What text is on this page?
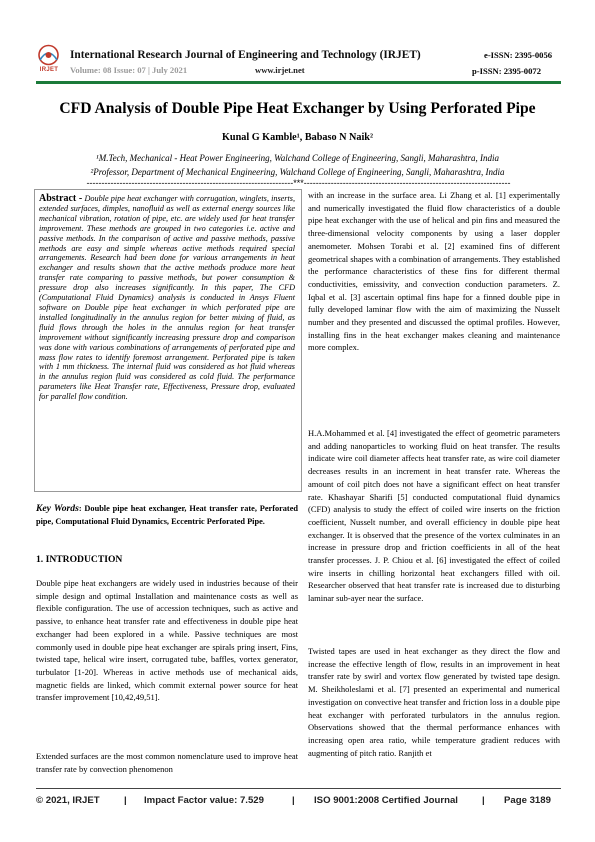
IRJET
International Research Journal of Engineering and Technology (IRJET)
Volume: 08 Issue: 07 | July 2021	www.irjet.net
e-ISSN: 2395-0056
p-ISSN: 2395-0072
CFD Analysis of Double Pipe Heat Exchanger by Using Perforated Pipe
Kunal G Kamble¹, Babaso N Naik²
¹M.Tech, Mechanical - Heat Power Engineering, Walchand College of Engineering, Sangli, Maharashtra, India
²Professor, Department of Mechanical Engineering, Walchand College of Engineering, Sangli, Maharashtra, India
---------------------------------------------------------------------***---------------------------------------------------------------------
Abstract - Double pipe heat exchanger with corrugation, winglets, inserts, extended surfaces, dimples, nanofluid as well as external energy sources like mechanical vibration, rotation of pipe, etc. are widely used for heat transfer improvement. These methods are grouped in two categories i.e. active and passive methods. In the comparison of active and passive methods, passive methods are easy and simple whereas active methods required special arrangements. Research had been done for various arrangements in heat exchanger and results shown that the active methods produce more heat transfer rate comparing to passive methods, but power consumption & pressure drop also increases significantly. In this paper, The CFD (Computational Fluid Dynamics) analysis is conducted in Ansys Fluent software on Double pipe heat exchanger in which perforated pipe are installed longitudinally in the annulus region for better mixing of fluid, as fluid flows through the holes in the annulus region for heat transfer improvement without significantly increasing pressure drop and comparison was done with various combinations of arrangements of perforated pipe and mass flow rates to identify foremost arrangement. Perforated pipe is taken with 1 mm thickness. The internal fluid was considered as hot fluid whereas in the annulus region fluid was considered as cold fluid. The performance parameters like Heat Transfer rate, Effectiveness, Pressure drop, evaluated for parallel flow condition.
Key Words: Double pipe heat exchanger, Heat transfer rate, Perforated pipe, Computational Fluid Dynamics, Eccentric Perforated Pipe.
1. INTRODUCTION
Double pipe heat exchangers are widely used in industries because of their simple design and optimal Installation and maintenance costs as well as flexible configuration. The use of accession techniques, such as active and passive, to enhance heat transfer rate and effectiveness in double pipe heat exchanger had been explored in a while. Passive techniques are most commonly used in double pipe heat exchanger are spirals pring insert, Fins, twisted tape, helical wire insert, corrugated tube, baffles, vortex generator, turbulator [1-20]. Whereas in active methods use of mechanical aids, magnetic fields are linked, which commit external power source for heat transfer improvement [10,42,49,51].
Extended surfaces are the most common nomenclature used to improve heat transfer rate by convection phenomenon
with an increase in the surface area. Li Zhang et al. [1] experimentally and numerically investigated the fluid flow characteristics of a double pipe heat exchanger with the use of helical and pin fins and measured the three-dimensional velocity components by using a laser doppler anemometer. Mohsen Torabi et al. [2] examined fins of different geometrical shapes with a combination of arrangements. They established the performance characteristics of these fins for different thermal conductivities, emissivity, and convection conduction parameters. Z. Iqbal et al. [3] ascertain optimal fins hape for a finned double pipe in fully developed laminar flow with the aim of maximizing the Nusselt number and they presented and discussed the optimal profiles. However, installing fins in the heat exchanger makes cleaning and maintenance more complex.
H.A.Mohammed et al. [4] investigated the effect of geometric parameters and adding nanoparticles to working fluid on heat transfer. The results indicate wire coil diameter affects heat transfer rate, as wire coil diameter decreases results in an increment in heat transfer rate. Whereas the amount of coil pitch does not have a significant effect on heat transfer rate. Khashayar Sharifi [5] conducted computational fluid dynamics (CFD) analysis to study the effect of coiled wire inserts on the friction coefficient, Nusselt number, and overall efficiency in double pipe heat exchanger. It is observed that the presence of the vortex culminates in an increase in pressure drop and friction coefficients in all of the heat transfer processes. J. P. Chiou et al. [6] investigated the effect of coiled wire inserts in chilling horizontal heat exchangers filled with oil. Researcher observed that heat transfer rate is increased due to disturbing laminar sub-ayer near the surface.
Twisted tapes are used in heat exchanger as they direct the flow and increase the effective length of flow, results in an improvement in heat transfer rate by swirl and vortex flow generated by twisted tape design. M. Sheikholeslami et al. [7] presented an experimental and numerical investigation on convective heat transfer and friction loss in a double pipe heat exchanger with perforated turbulators in the annulus region. Observations showed that the thermal performance enhances with increasing open area ratio, while temperature gradient reduces with augmenting of pitch ratio. Ranjith et
© 2021, IRJET	| Impact Factor value: 7.529	| ISO 9001:2008 Certified Journal	| Page 3189
